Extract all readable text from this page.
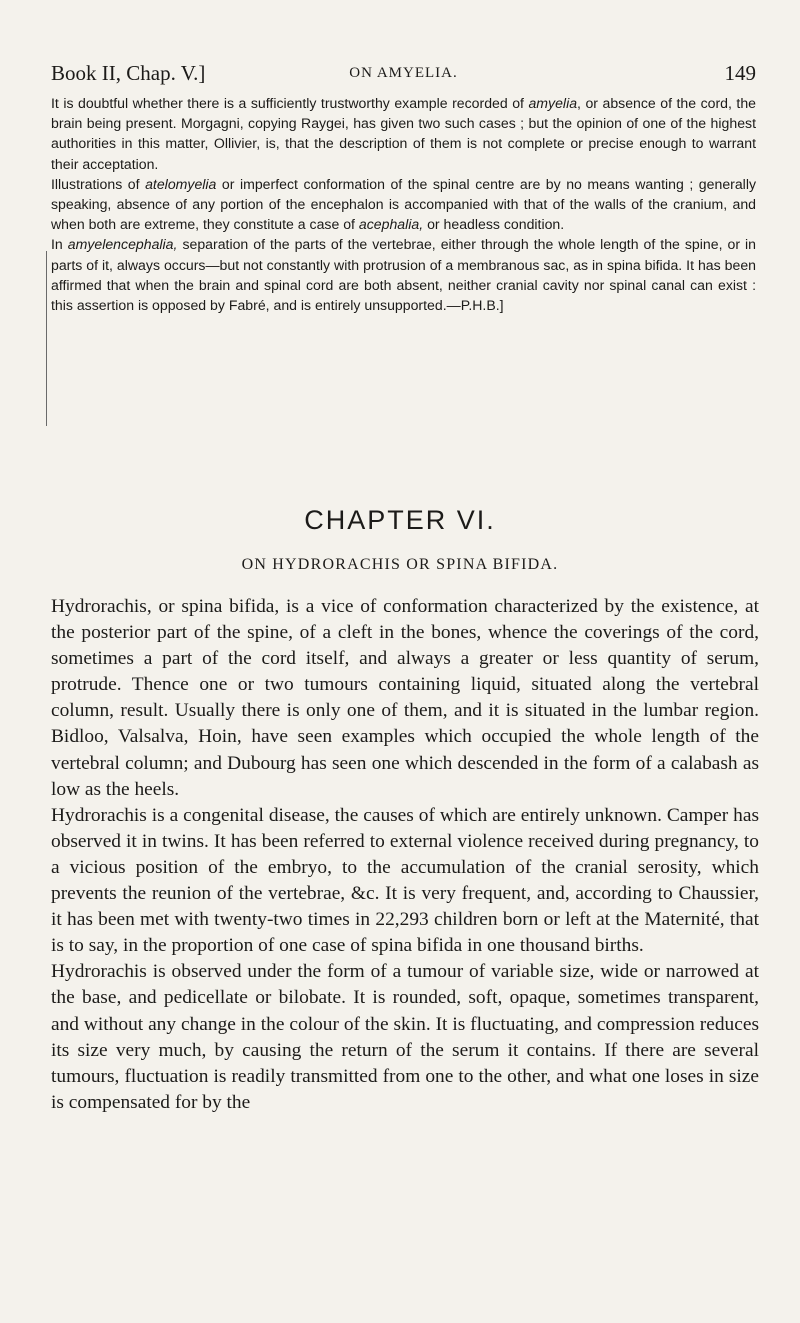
Book II, Chap. V.]	ON AMYELIA.	149

It is doubtful whether there is a sufficiently trustworthy example recorded of amyelia, or absence of the cord, the brain being present. Morgagni, copying Raygei, has given two such cases ; but the opinion of one of the highest authorities in this matter, Ollivier, is, that the description of them is not complete or precise enough to warrant their acceptation.

Illustrations of atelomyelia or imperfect conformation of the spinal centre are by no means wanting ; generally speaking, absence of any portion of the encephalon is accompanied with that of the walls of the cranium, and when both are extreme, they constitute a case of acephalia, or headless condition.

In amyelencephalia, separation of the parts of the vertebrae, either through the whole length of the spine, or in parts of it, always occurs—but not constantly with protrusion of a membranous sac, as in spina bifida. It has been affirmed that when the brain and spinal cord are both absent, neither cranial cavity nor spinal canal can exist : this assertion is opposed by Fabré, and is entirely unsupported.—P.H.B.]

CHAPTER VI.
ON HYDRORACHIS OR SPINA BIFIDA.

Hydrorachis, or spina bifida, is a vice of conformation characterized by the existence, at the posterior part of the spine, of a cleft in the bones, whence the coverings of the cord, sometimes a part of the cord itself, and always a greater or less quantity of serum, protrude. Thence one or two tumours containing liquid, situated along the vertebral column, result. Usually there is only one of them, and it is situated in the lumbar region. Bidloo, Valsalva, Hoin, have seen examples which occupied the whole length of the vertebral column; and Dubourg has seen one which descended in the form of a calabash as low as the heels.

Hydrorachis is a congenital disease, the causes of which are entirely unknown. Camper has observed it in twins. It has been referred to external violence received during pregnancy, to a vicious position of the embryo, to the accumulation of the cranial serosity, which prevents the reunion of the vertebrae, &c. It is very frequent, and, according to Chaussier, it has been met with twenty-two times in 22,293 children born or left at the Maternité, that is to say, in the proportion of one case of spina bifida in one thousand births.

Hydrorachis is observed under the form of a tumour of variable size, wide or narrowed at the base, and pedicellate or bilobate. It is rounded, soft, opaque, sometimes transparent, and without any change in the colour of the skin. It is fluctuating, and compression reduces its size very much, by causing the return of the serum it contains. If there are several tumours, fluctuation is readily transmitted from one to the other, and what one loses in size is compensated for by the
